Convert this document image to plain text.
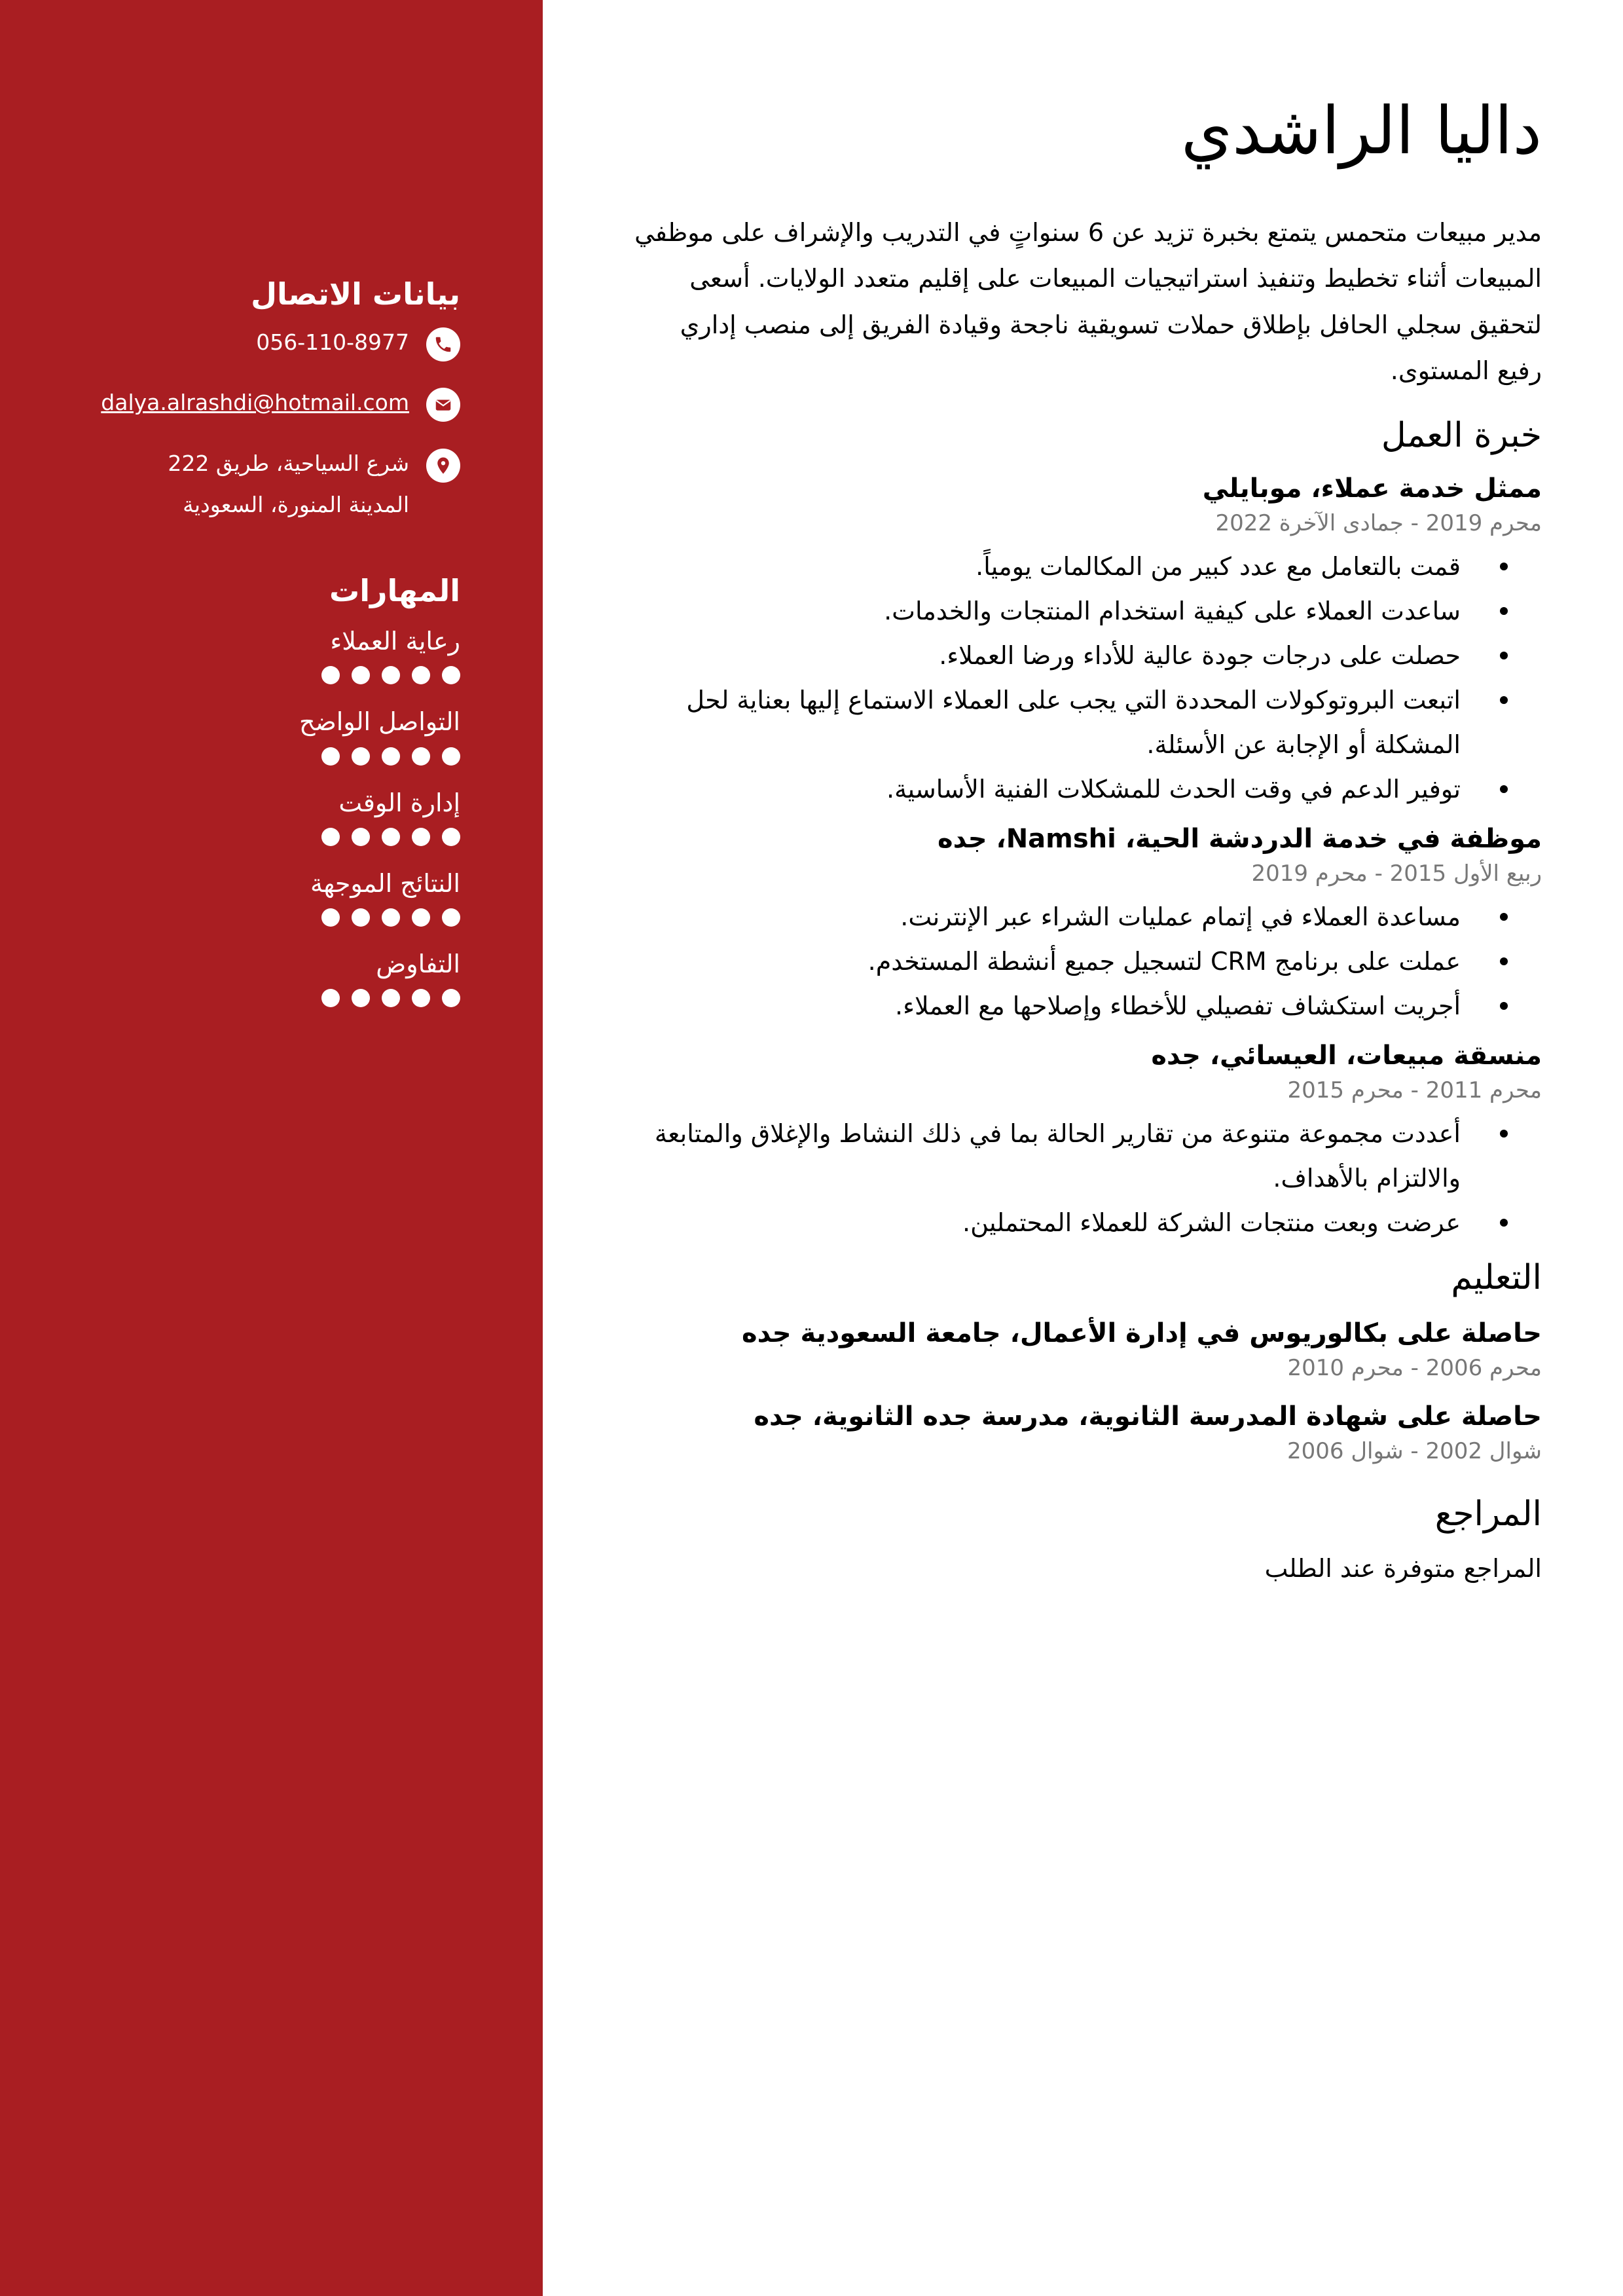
بيانات الاتصال
056-110-8977
dalya.alrashdi@hotmail.com
شرع السياحية، طريق 222
المدينة المنورة، السعودية
المهارات
رعاية العملاء
التواصل الواضح
إدارة الوقت
النتائج الموجهة
التفاوض
داليا الراشدي

مدير مبيعات متحمس يتمتع بخبرة تزيد عن 6 سنواتٍ في التدريب والإشراف على موظفي المبيعات أثناء تخطيط وتنفيذ استراتيجيات المبيعات على إقليم متعدد الولايات. أسعى لتحقيق سجلي الحافل بإطلاق حملات تسويقية ناجحة وقيادة الفريق إلى منصب إداري رفيع المستوى.

خبرة العمل
ممثل خدمة عملاء، موبايلي
محرم 2019 - جمادى الآخرة 2022
قمت بالتعامل مع عدد كبير من المكالمات يومياً.
ساعدت العملاء على كيفية استخدام المنتجات والخدمات.
حصلت على درجات جودة عالية للأداء ورضا العملاء.
اتبعت البروتوكولات المحددة التي يجب على العملاء الاستماع إليها بعناية لحل المشكلة أو الإجابة عن الأسئلة.
توفير الدعم في وقت الحدث للمشكلات الفنية الأساسية.
موظفة في خدمة الدردشة الحية، Namshi، جده
ربيع الأول 2015 - محرم 2019
مساعدة العملاء في إتمام عمليات الشراء عبر الإنترنت.
عملت على برنامج CRM لتسجيل جميع أنشطة المستخدم.
أجريت استكشاف تفصيلي للأخطاء وإصلاحها مع العملاء.
منسقة مبيعات، العيسائي، جده
محرم 2011 - محرم 2015
أعددت مجموعة متنوعة من تقارير الحالة بما في ذلك النشاط والإغلاق والمتابعة والالتزام بالأهداف.
عرضت وبعت منتجات الشركة للعملاء المحتملين.
التعليم
حاصلة على بكالوريوس في إدارة الأعمال، جامعة السعودية جده
محرم 2006 - محرم 2010
حاصلة على شهادة المدرسة الثانوية، مدرسة جده الثانوية، جده
شوال 2002 - شوال 2006
المراجع
المراجع متوفرة عند الطلب
